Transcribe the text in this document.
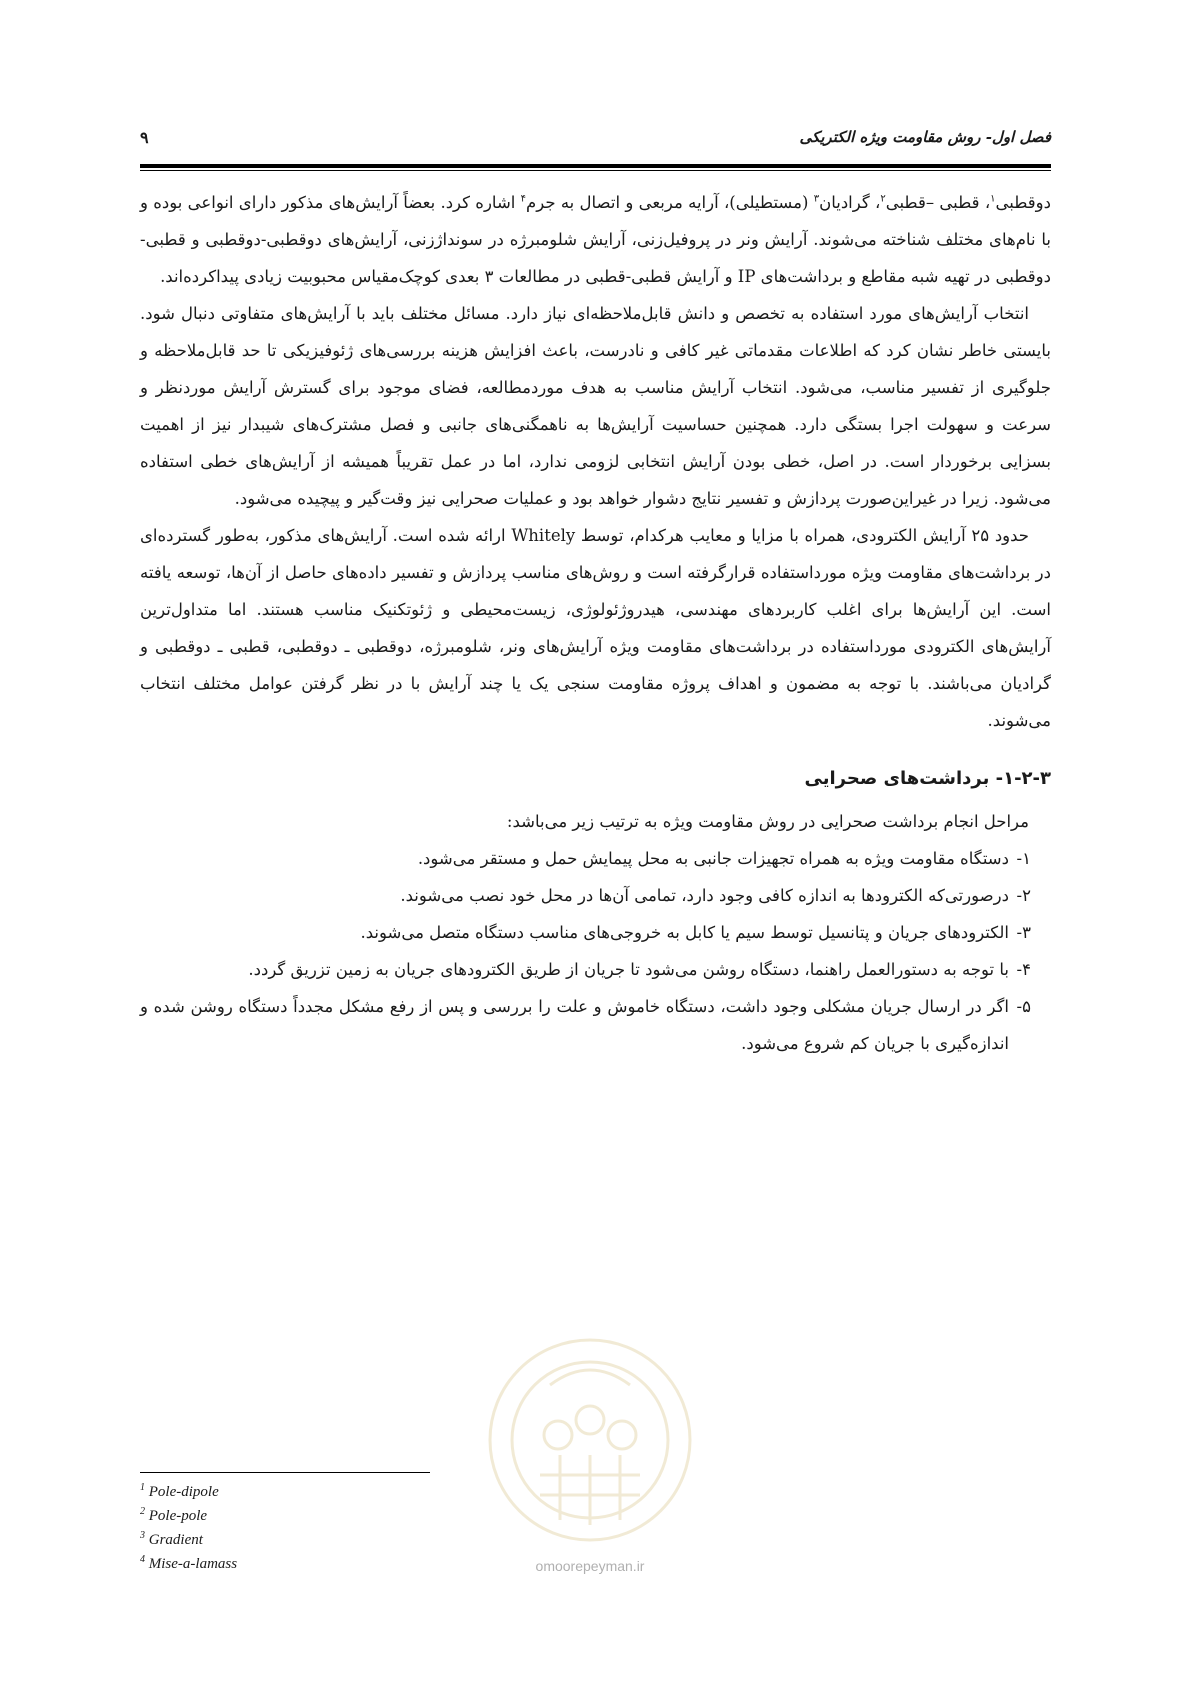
فصل اول- روش مقاومت ویژه الکتریکی
۹

دوقطبی$^۱$، قطبی –قطبی$^۲$، گرادیان$^۳$ (مستطیلی)، آرایه مربعی و اتصال به جرم$^۴$ اشاره کرد. بعضاً آرایش‌های مذکور دارای انواعی بوده و با نام‌های مختلف شناخته می‌شوند. آرایش ونر در پروفیل‌زنی، آرایش شلومبرژه در سونداژزنی، آرایش‌های دوقطبی-دوقطبی و قطبی-دوقطبی در تهیه شبه مقاطع و برداشت‌های IP و آرایش قطبی-قطبی در مطالعات ۳ بعدی کوچک‌مقیاس محبوبیت زیادی پیداکرده‌اند.

انتخاب آرایش‌های مورد استفاده به تخصص و دانش قابل‌ملاحظه‌ای نیاز دارد. مسائل مختلف باید با آرایش‌های متفاوتی دنبال شود. بایستی خاطر نشان کرد که اطلاعات مقدماتی غیر کافی و نادرست، باعث افزایش هزینه بررسی‌های ژئوفیزیکی تا حد قابل‌ملاحظه و جلوگیری از تفسیر مناسب، می‌شود. انتخاب آرایش مناسب به هدف موردمطالعه، فضای موجود برای گسترش آرایش موردنظر و سرعت و سهولت اجرا بستگی دارد. همچنین حساسیت آرایش‌ها به ناهمگنی‌های جانبی و فصل مشترک‌های شیبدار نیز از اهمیت بسزایی برخوردار است. در اصل، خطی بودن آرایش انتخابی لزومی ندارد، اما در عمل تقریباً همیشه از آرایش‌های خطی استفاده می‌شود. زیرا در غیراین‌صورت پردازش و تفسیر نتایج دشوار خواهد بود و عملیات صحرایی نیز وقت‌گیر و پیچیده می‌شود.

حدود ۲۵ آرایش الکترودی، همراه با مزایا و معایب هرکدام، توسط Whitely ارائه شده است. آرایش‌های مذکور، به‌طور گسترده‌ای در برداشت‌های مقاومت ویژه مورداستفاده قرارگرفته است و روش‌های مناسب پردازش و تفسیر داده‌های حاصل از آن‌ها، توسعه یافته است. این آرایش‌ها برای اغلب کاربردهای مهندسی، هیدروژئولوژی، زیست‌محیطی و ژئوتکنیک مناسب هستند. اما متداول‌ترین آرایش‌های الکترودی مورداستفاده در برداشت‌های مقاومت ویژه آرایش‌های ونر، شلومبرژه، دوقطبی ـ دوقطبی، قطبی ـ دوقطبی و گرادیان می‌باشند. با توجه به مضمون و اهداف پروژه مقاومت سنجی یک یا چند آرایش با در نظر گرفتن عوامل مختلف انتخاب می‌شوند.

۱-۲-۳- برداشت‌های صحرایی

مراحل انجام برداشت صحرایی در روش مقاومت ویژه به ترتیب زیر می‌باشد:

۱-
دستگاه مقاومت ویژه به همراه تجهیزات جانبی به محل پیمایش حمل و مستقر می‌شود.
۲-
درصورتی‌که الکترودها به اندازه کافی وجود دارد، تمامی آن‌ها در محل خود نصب می‌شوند.
۳-
الکترودهای جریان و پتانسیل توسط سیم یا کابل به خروجی‌های مناسب دستگاه متصل می‌شوند.
۴-
با توجه به دستورالعمل راهنما، دستگاه روشن می‌شود تا جریان از طریق الکترودهای جریان به زمین تزریق گردد.
۵-
اگر در ارسال جریان مشکلی وجود داشت، دستگاه خاموش و علت را بررسی و پس از رفع مشکل مجدداً دستگاه روشن شده و اندازه‌گیری با جریان کم شروع می‌شود.
omoorepeyman.ir
$^1$ Pole-dipole
$^2$ Pole-pole
$^3$ Gradient
$^4$ Mise-a-lamass
